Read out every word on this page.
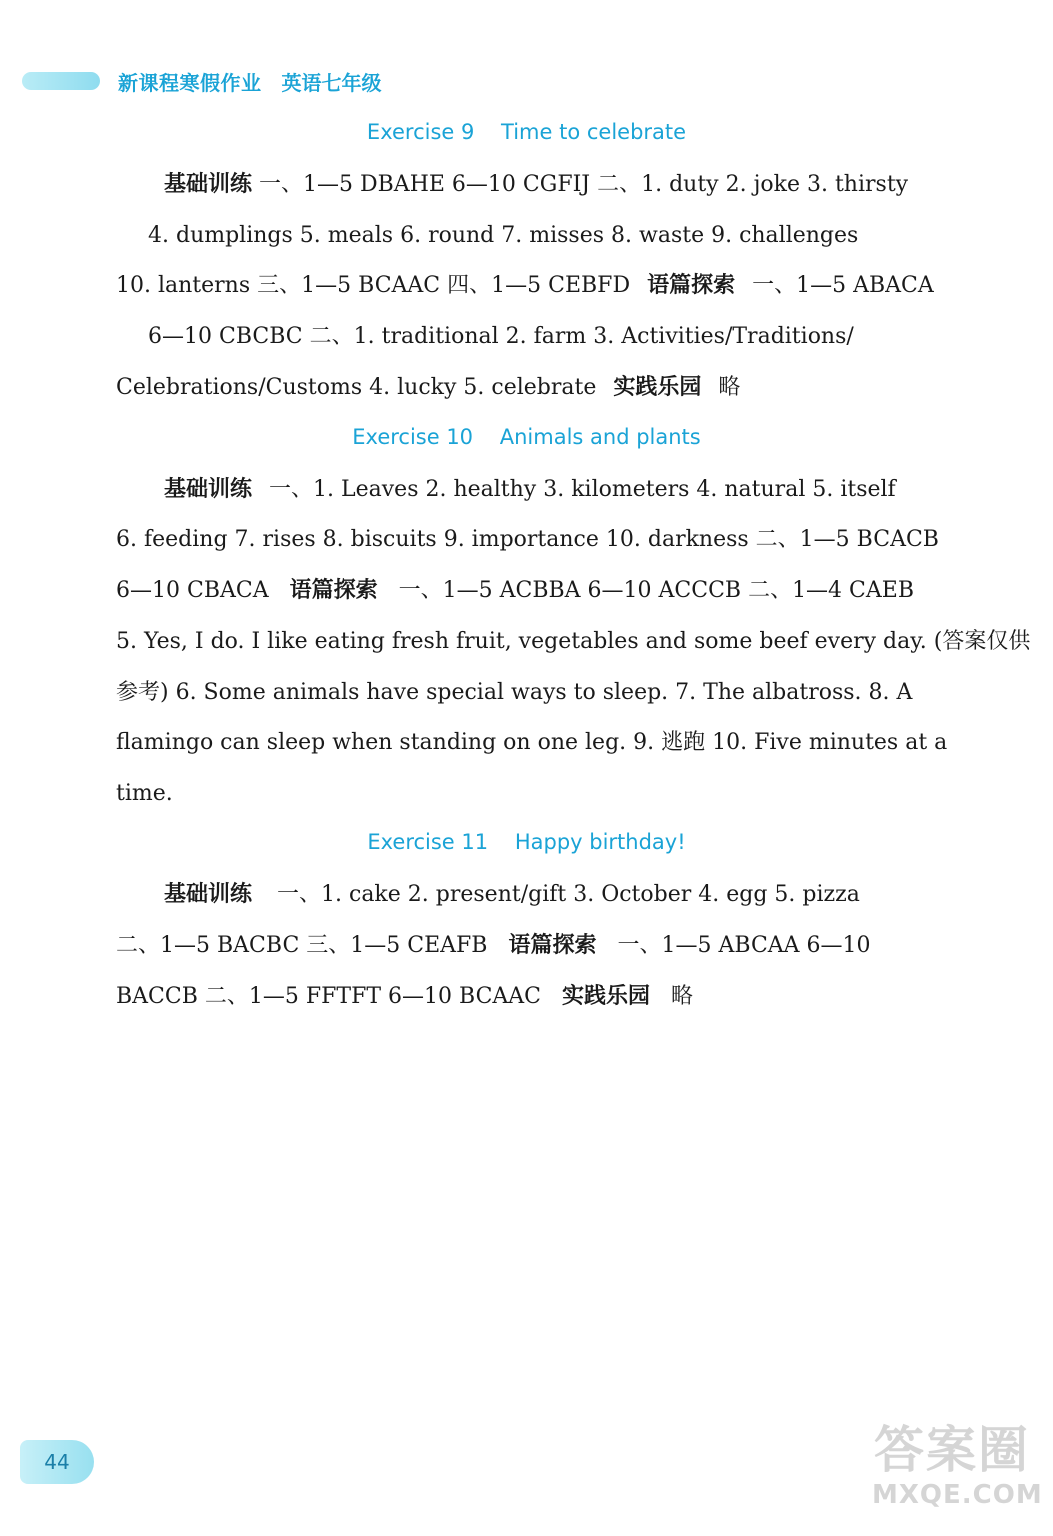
新课程寒假作业 英语七年级
Exercise 9    Time to celebrate
基础训练 一、1—5 DBAHE 6—10 CGFIJ 二、1. duty 2. joke 3. thirsty
4. dumplings 5. meals 6. round 7. misses 8. waste 9. challenges
10. lanterns 三、1—5 BCAAC 四、1—5 CEBFD 语篇探索 一、1—5 ABACA
6—10 CBCBC 二、1. traditional 2. farm 3. Activities/Traditions/
Celebrations/Customs 4. lucky 5. celebrate 实践乐园 略
Exercise 10    Animals and plants
基础训练 一、1. Leaves 2. healthy 3. kilometers 4. natural 5. itself
6. feeding 7. rises 8. biscuits 9. importance 10. darkness 二、1—5 BCACB
6—10 CBACA 语篇探索 一、1—5 ACBBA 6—10 ACCCB 二、1—4 CAEB
5. Yes, I do. I like eating fresh fruit, vegetables and some beef every day. (答案仅供
参考) 6. Some animals have special ways to sleep. 7. The albatross. 8. A
flamingo can sleep when standing on one leg. 9. 逃跑 10. Five minutes at a
time.
Exercise 11    Happy birthday!
基础训练 一、1. cake 2. present/gift 3. October 4. egg 5. pizza
二、1—5 BACBC 三、1—5 CEAFB 语篇探索 一、1—5 ABCAA 6—10
BACCB 二、1—5 FFTFT 6—10 BCAAC 实践乐园 略
44	答案圈
MXQE.COM
